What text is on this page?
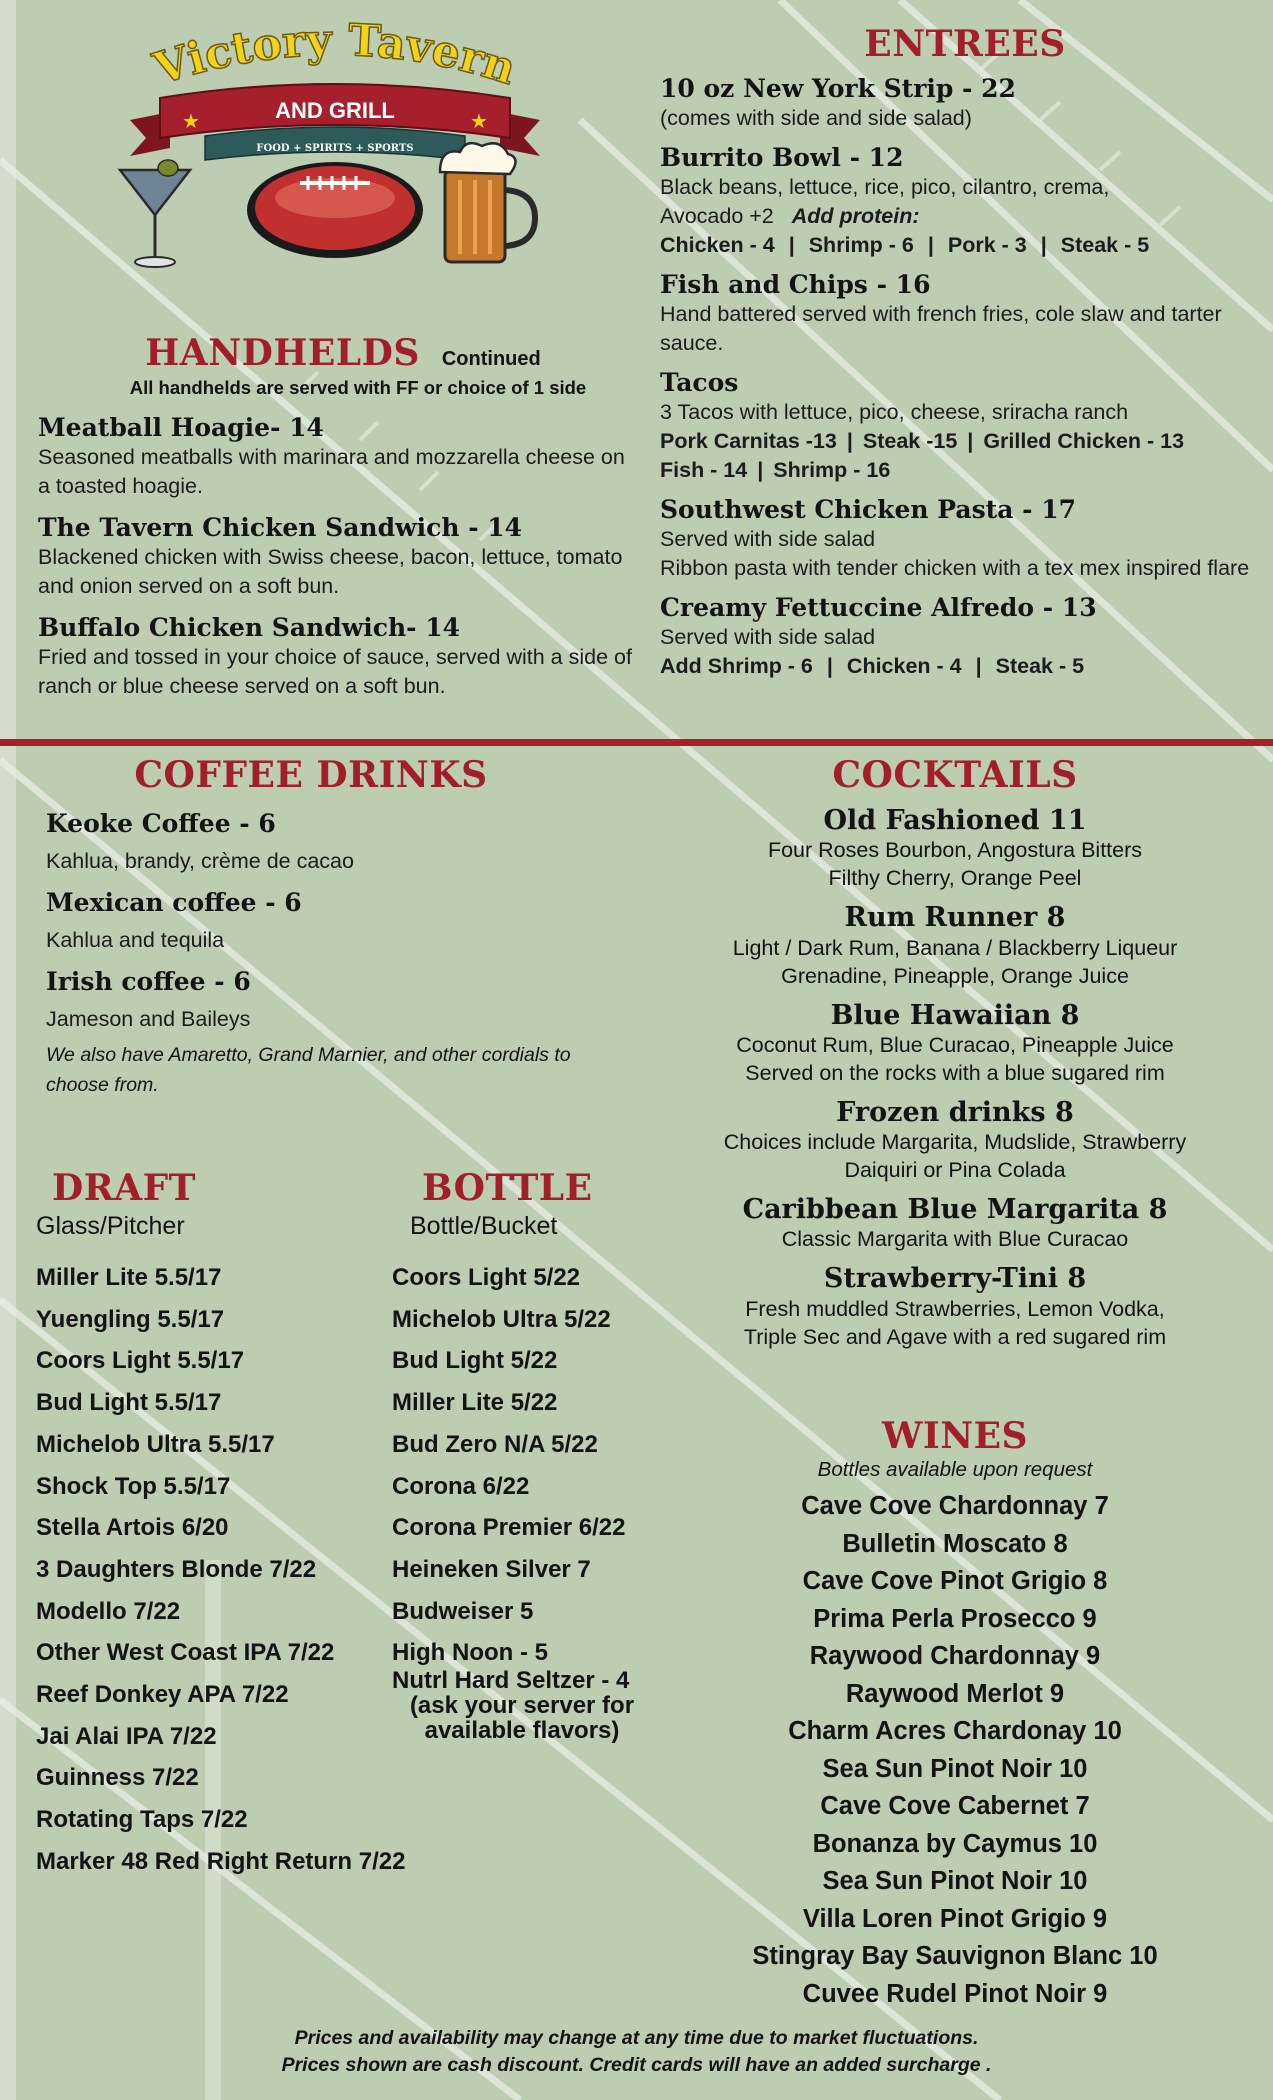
Victory Tavern
AND GRILL
★	★
FOOD + SPIRITS + SPORTS
HANDHELDS Continued
All handhelds are served with FF or choice of 1 side
Meatball Hoagie- 14
Seasoned meatballs with marinara and mozzarella cheese on a toasted hoagie.
The Tavern Chicken Sandwich - 14
Blackened chicken with Swiss cheese, bacon, lettuce, tomato and onion served on a soft bun.
Buffalo Chicken Sandwich- 14
Fried and tossed in your choice of sauce, served with a side of ranch or blue cheese served on a soft bun.
ENTREES
10 oz New York Strip - 22
(comes with side and side salad)
Burrito Bowl - 12
Black beans, lettuce, rice, pico, cilantro, crema,
Avocado +2 Add protein:
Chicken - 4 | Shrimp - 6 | Pork - 3 | Steak - 5
Fish and Chips - 16
Hand battered served with french fries, cole slaw and tarter sauce.
Tacos
3 Tacos with lettuce, pico, cheese, sriracha ranch
Pork Carnitas -13 | Steak -15 | Grilled Chicken - 13
Fish - 14 | Shrimp - 16
Southwest Chicken Pasta - 17
Served with side salad
Ribbon pasta with tender chicken with a tex mex inspired flare
Creamy Fettuccine Alfredo - 13
Served with side salad
Add Shrimp - 6 | Chicken - 4 | Steak - 5
COFFEE DRINKS
Keoke Coffee - 6
Kahlua, brandy, crème de cacao
Mexican coffee - 6
Kahlua and tequila
Irish coffee - 6
Jameson and Baileys
We also have Amaretto, Grand Marnier, and other cordials to choose from.
COCKTAILS
Old Fashioned 11
Four Roses Bourbon, Angostura Bitters
Filthy Cherry, Orange Peel
Rum Runner 8
Light / Dark Rum, Banana / Blackberry Liqueur
Grenadine, Pineapple, Orange Juice
Blue Hawaiian 8
Coconut Rum, Blue Curacao, Pineapple Juice
Served on the rocks with a blue sugared rim
Frozen drinks 8
Choices include Margarita, Mudslide, Strawberry
Daiquiri or Pina Colada
Caribbean Blue Margarita 8
Classic Margarita with Blue Curacao
Strawberry-Tini 8
Fresh muddled Strawberries, Lemon Vodka,
Triple Sec and Agave with a red sugared rim
DRAFT
Glass/Pitcher
Miller Lite 5.5/17
Yuengling 5.5/17
Coors Light 5.5/17
Bud Light 5.5/17
Michelob Ultra 5.5/17
Shock Top 5.5/17
Stella Artois 6/20
3 Daughters Blonde 7/22
Modello 7/22
Other West Coast IPA 7/22
Reef Donkey APA 7/22
Jai Alai IPA 7/22
Guinness 7/22
Rotating Taps 7/22
Marker 48 Red Right Return 7/22
BOTTLE
Bottle/Bucket
Coors Light 5/22
Michelob Ultra 5/22
Bud Light 5/22
Miller Lite 5/22
Bud Zero N/A 5/22
Corona 6/22
Corona Premier 6/22
Heineken Silver 7
Budweiser 5
High Noon - 5
Nutrl Hard Seltzer - 4
(ask your server for
available flavors)
WINES
Bottles available upon request
Cave Cove Chardonnay 7
Bulletin Moscato 8
Cave Cove Pinot Grigio 8
Prima Perla Prosecco 9
Raywood Chardonnay 9
Raywood Merlot 9
Charm Acres Chardonay 10
Sea Sun Pinot Noir 10
Cave Cove Cabernet 7
Bonanza by Caymus 10
Sea Sun Pinot Noir 10
Villa Loren Pinot Grigio 9
Stingray Bay Sauvignon Blanc 10
Cuvee Rudel Pinot Noir 9
Prices and availability may change at any time due to market fluctuations.
Prices shown are cash discount. Credit cards will have an added surcharge .
